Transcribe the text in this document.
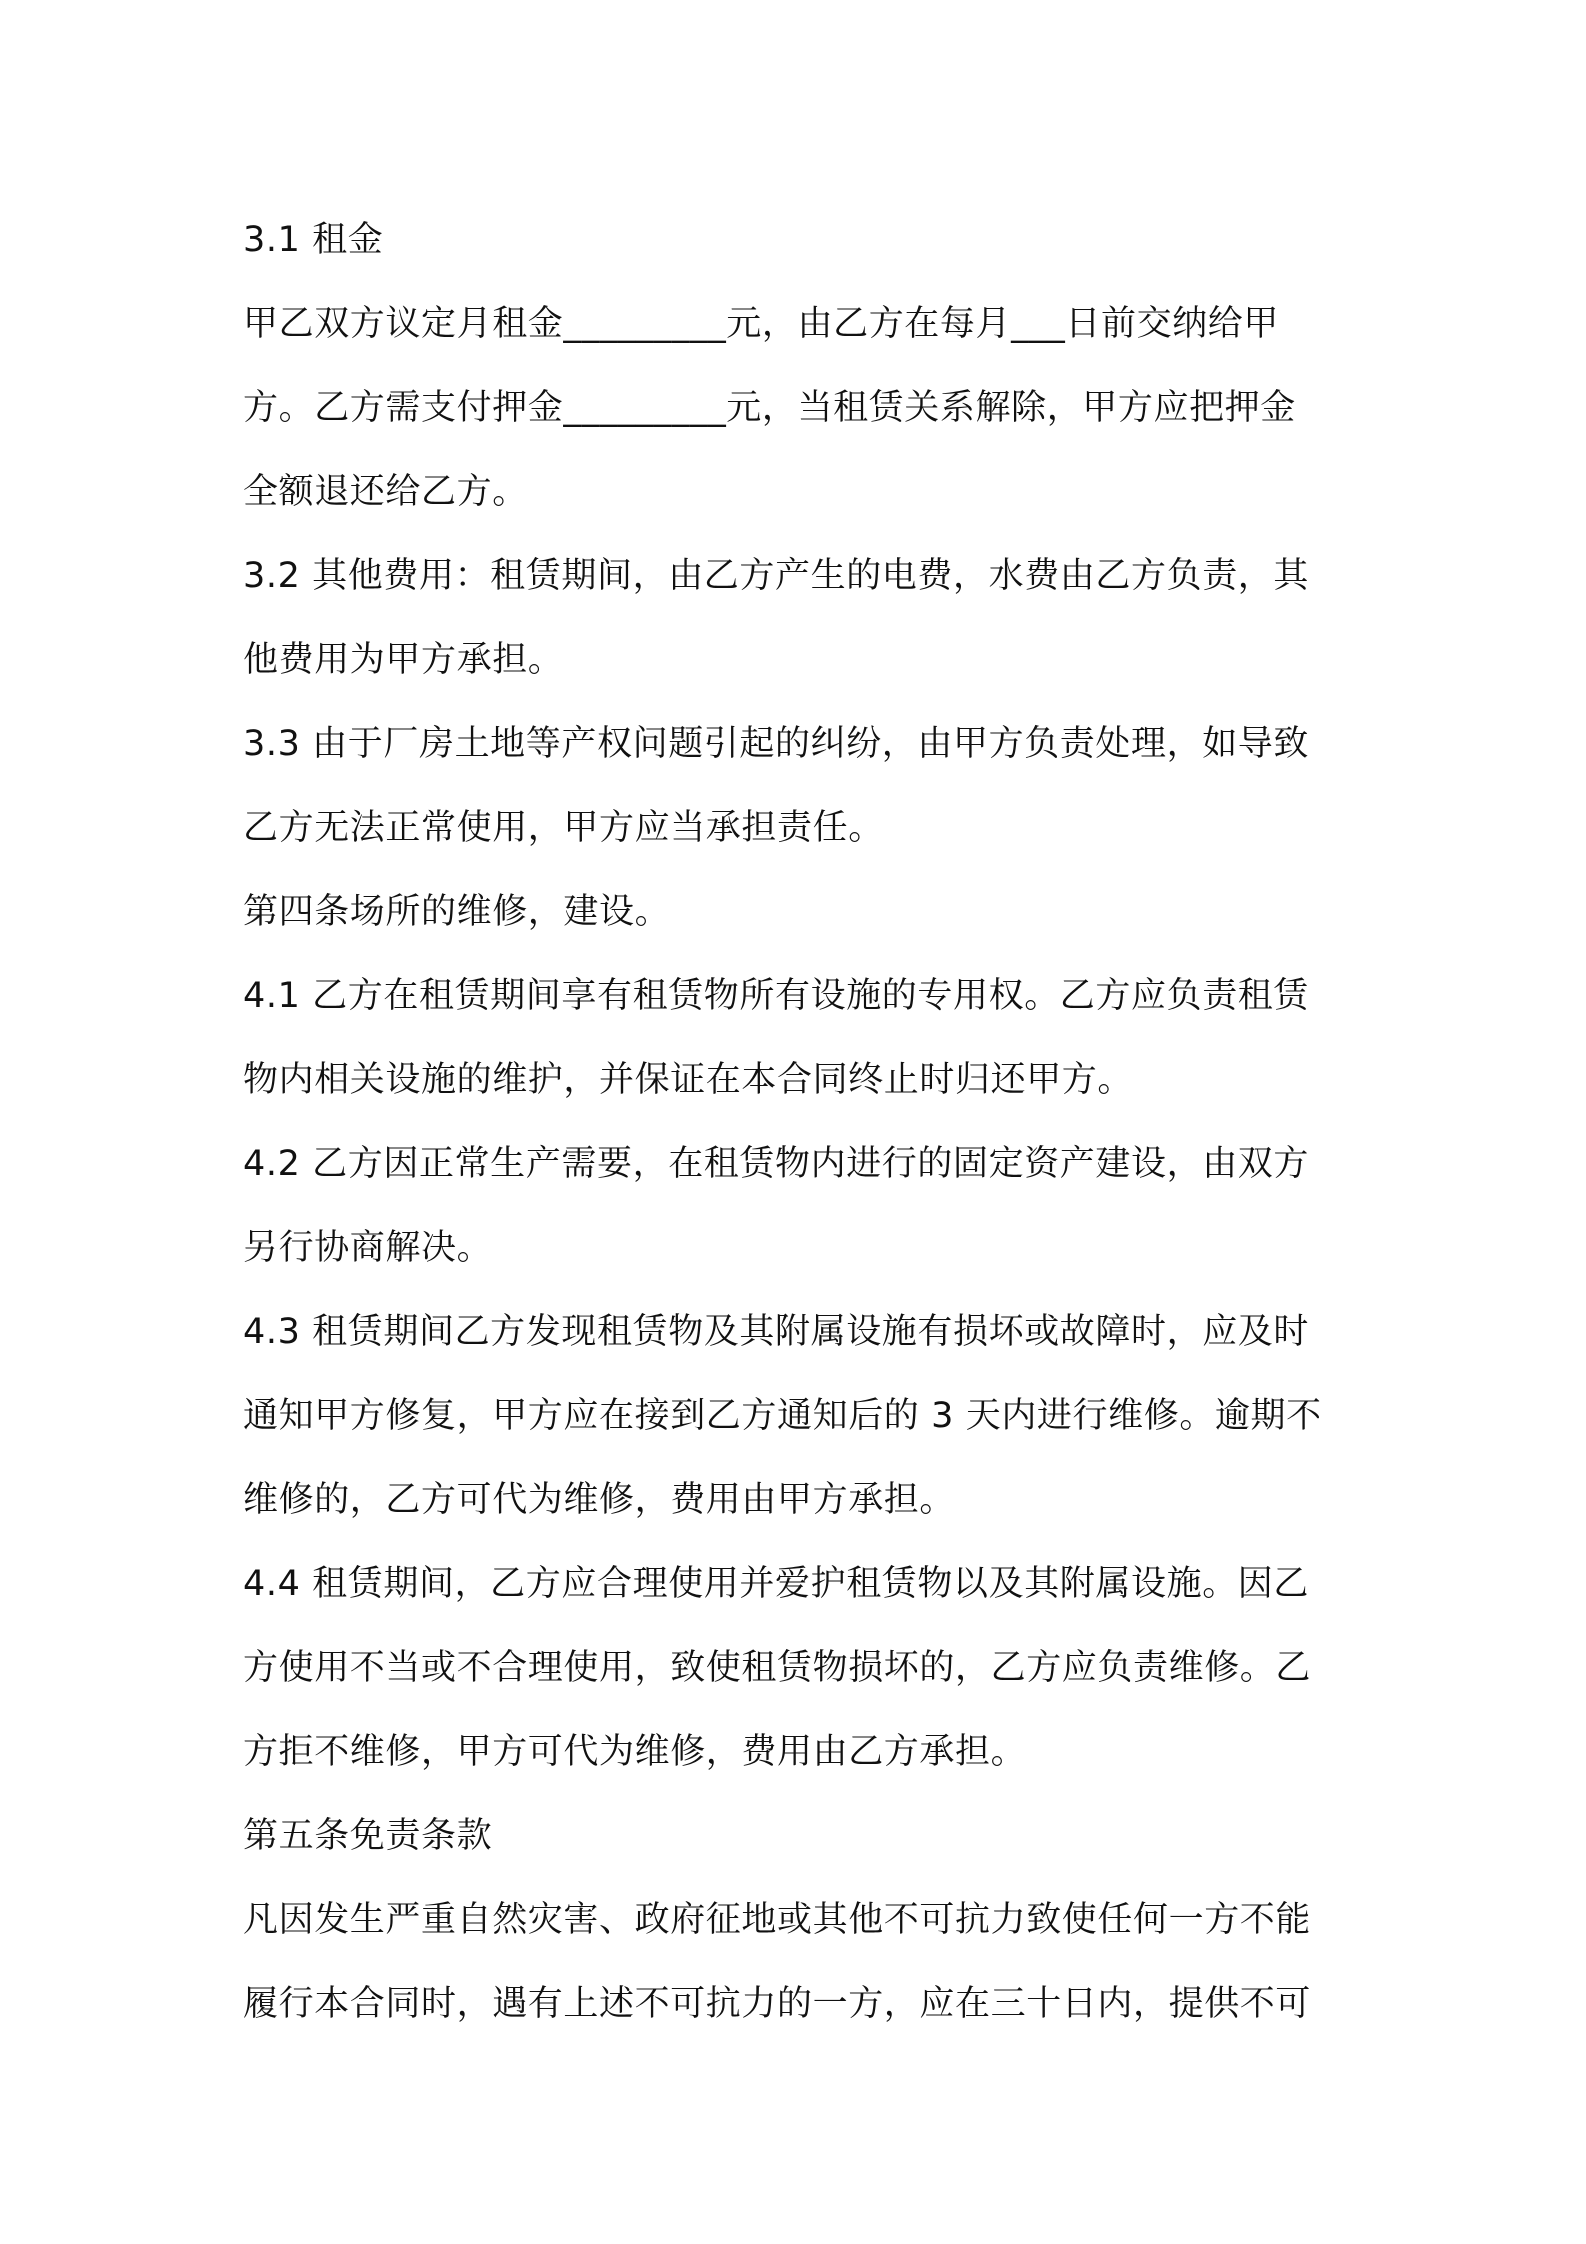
3.1 租金
甲乙双方议定月租金_________元，由乙方在每月___日前交纳给甲
方。乙方需支付押金_________元，当租赁关系解除，甲方应把押金
全额退还给乙方。
3.2 其他费用：租赁期间，由乙方产生的电费，水费由乙方负责，其
他费用为甲方承担。
3.3 由于厂房土地等产权问题引起的纠纷，由甲方负责处理，如导致
乙方无法正常使用，甲方应当承担责任。
第四条场所的维修，建设。
4.1 乙方在租赁期间享有租赁物所有设施的专用权。乙方应负责租赁
物内相关设施的维护，并保证在本合同终止时归还甲方。
4.2 乙方因正常生产需要，在租赁物内进行的固定资产建设，由双方
另行协商解决。
4.3 租赁期间乙方发现租赁物及其附属设施有损坏或故障时，应及时
通知甲方修复，甲方应在接到乙方通知后的 3 天内进行维修。逾期不
维修的，乙方可代为维修，费用由甲方承担。
4.4 租赁期间，乙方应合理使用并爱护租赁物以及其附属设施。因乙
方使用不当或不合理使用，致使租赁物损坏的，乙方应负责维修。乙
方拒不维修，甲方可代为维修，费用由乙方承担。
第五条免责条款
凡因发生严重自然灾害、政府征地或其他不可抗力致使任何一方不能
履行本合同时，遇有上述不可抗力的一方，应在三十日内，提供不可
